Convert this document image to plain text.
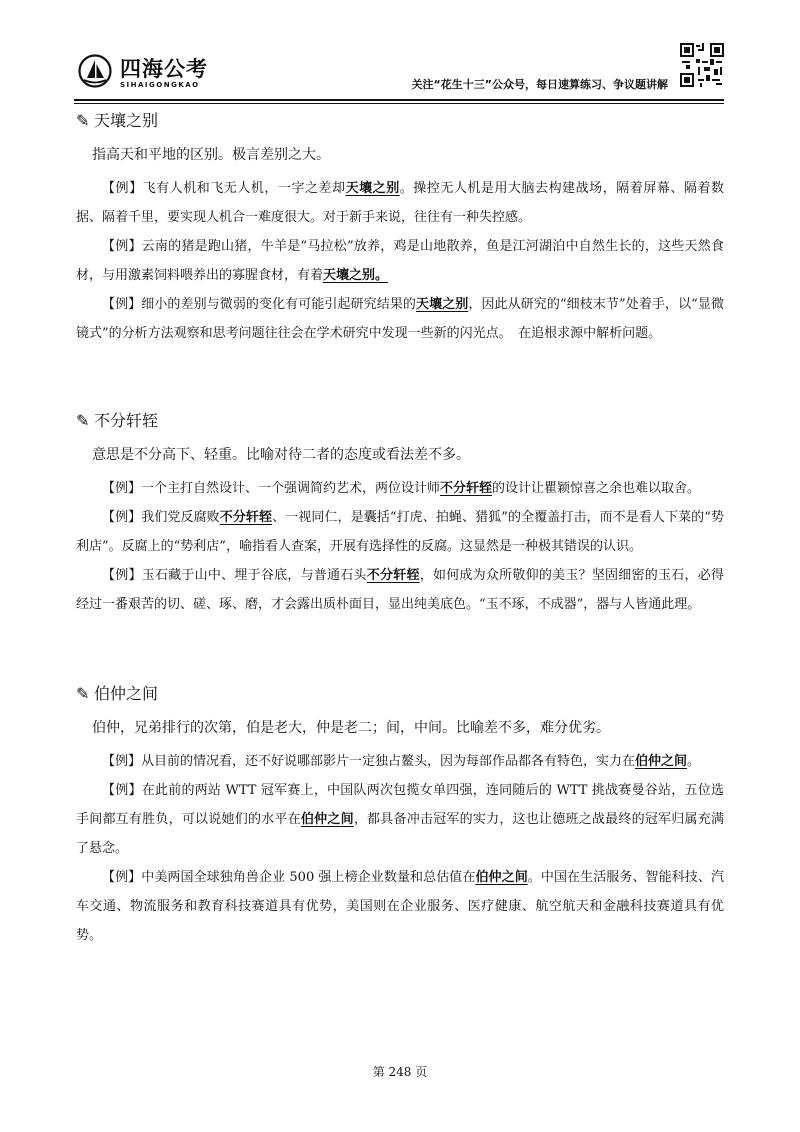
四海公考
SIHAIGONGKAO	关注“花生十三”公众号，每日速算练习、争议题讲解
✎ 天壤之别

指高天和平地的区别。极言差别之大。

【例】飞有人机和飞无人机，一字之差却天壤之别。操控无人机是用大脑去构建战场，隔着屏幕、隔着数据、隔着千里，要实现人机合一难度很大。对于新手来说，往往有一种失控感。

【例】云南的猪是跑山猪，牛羊是“马拉松”放养，鸡是山地散养，鱼是江河湖泊中自然生长的，这些天然食材，与用激素饲料喂养出的寡腥食材，有着天壤之别。

【例】细小的差别与微弱的变化有可能引起研究结果的天壤之别，因此从研究的“细枝末节”处着手，以“显微镜式”的分析方法观察和思考问题往往会在学术研究中发现一些新的闪光点。　在追根求源中解析问题。

✎ 不分轩轾

意思是不分高下、轻重。比喻对待二者的态度或看法差不多。

【例】一个主打自然设计、一个强调简约艺术，两位设计师不分轩轾的设计让瞿颖惊喜之余也难以取舍。

【例】我们党反腐败不分轩轾、一视同仁，是囊括“打虎、拍蝇、猎狐”的全覆盖打击，而不是看人下菜的“势利店”。反腐上的“势利店”，喻指看人查案，开展有选择性的反腐。这显然是一种极其错误的认识。

【例】玉石藏于山中、埋于谷底，与普通石头不分轩轾，如何成为众所敬仰的美玉？坚固细密的玉石，必得经过一番艰苦的切、磋、琢、磨，才会露出质朴面目，显出纯美底色。“玉不琢，不成器”，器与人皆通此理。

✎ 伯仲之间

伯仲，兄弟排行的次第，伯是老大，仲是老二；间，中间。比喻差不多，难分优劣。

【例】从目前的情况看，还不好说哪部影片一定独占鳌头，因为每部作品都各有特色，实力在伯仲之间。

【例】在此前的两站 WTT 冠军赛上，中国队两次包揽女单四强，连同随后的 WTT 挑战赛曼谷站，五位选手间都互有胜负，可以说她们的水平在伯仲之间，都具备冲击冠军的实力，这也让德班之战最终的冠军归属充满了悬念。

【例】中美两国全球独角兽企业 500 强上榜企业数量和总估值在伯仲之间。中国在生活服务、智能科技、汽车交通、物流服务和教育科技赛道具有优势，美国则在企业服务、医疗健康、航空航天和金融科技赛道具有优势。

第 248 页
